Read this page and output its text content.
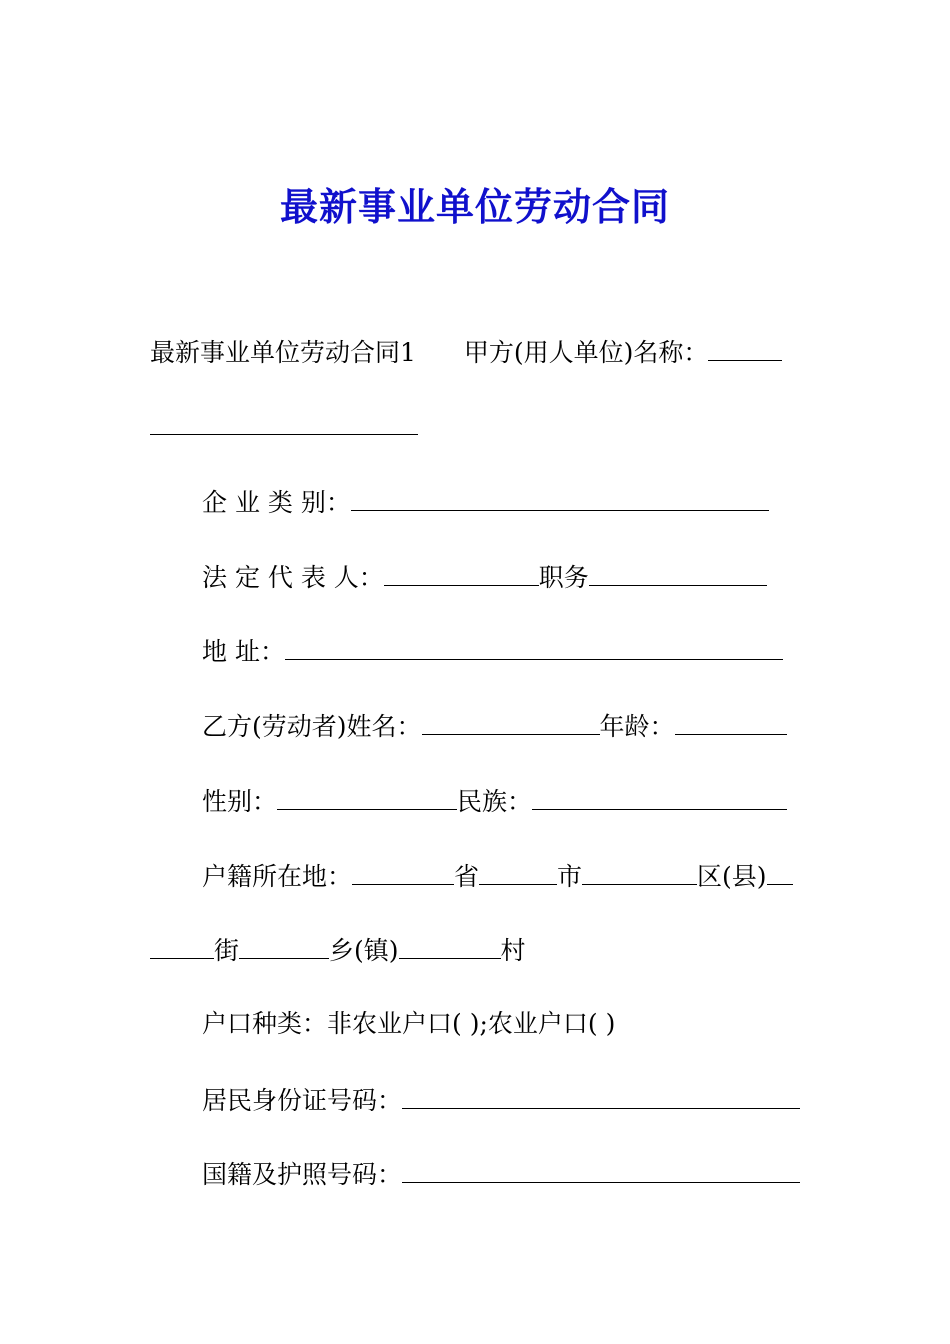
最新事业单位劳动合同
最新事业单位劳动合同1 甲方(用人单位)名称：
企 业 类 别：
法 定 代 表 人：	职务
地 址：
乙方(劳动者)姓名：	年龄：
性别：	民族：
户籍所在地：	省	市	区(县)
街	乡(镇)	村
户口种类：非农业户口( );农业户口( )
居民身份证号码：
国籍及护照号码：
